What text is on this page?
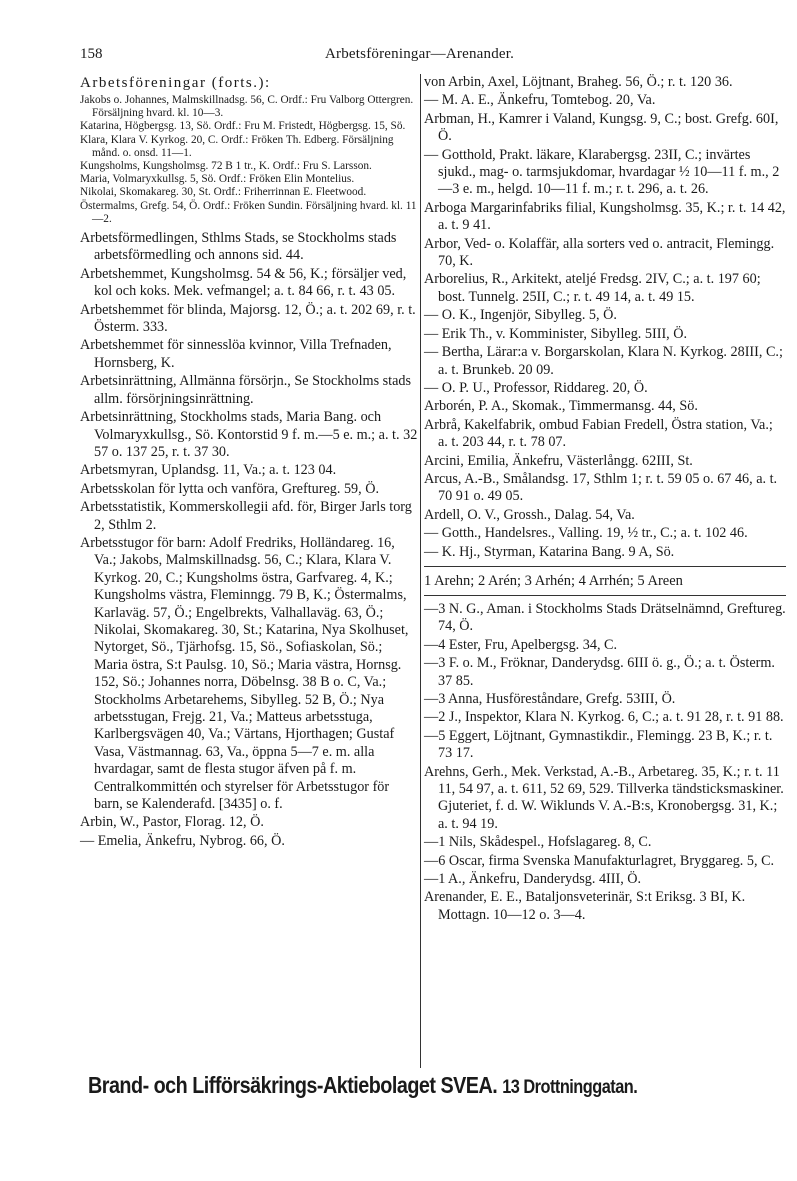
158	Arbetsföreningar—Arenander.
Arbetsföreningar (forts.):

Jakobs o. Johannes, Malmskillnadsg. 56, C. Ordf.: Fru Valborg Ottergren. Försäljning hvard. kl. 10—3.

Katarina, Högbergsg. 13, Sö. Ordf.: Fru M. Fristedt, Högbergsg. 15, Sö.

Klara, Klara V. Kyrkog. 20, C. Ordf.: Fröken Th. Edberg. Försäljning månd. o. onsd. 11—1.

Kungsholms, Kungsholmsg. 72 B 1 tr., K. Ordf.: Fru S. Larsson.

Maria, Volmaryxkullsg. 5, Sö. Ordf.: Fröken Elin Montelius.

Nikolai, Skomakareg. 30, St. Ordf.: Friherrinnan E. Fleetwood.

Östermalms, Grefg. 54, Ö. Ordf.: Fröken Sundin. Försäljning hvard. kl. 11—2.

Arbetsförmedlingen, Sthlms Stads, se Stockholms stads arbetsförmedling och annons sid. 44.

Arbetshemmet, Kungsholmsg. 54 & 56, K.; försäljer ved, kol och koks. Mek. vefmangel; a. t. 84 66, r. t. 43 05.

Arbetshemmet för blinda, Majorsg. 12, Ö.; a. t. 202 69, r. t. Österm. 333.

Arbetshemmet för sinnesslöa kvinnor, Villa Trefnaden, Hornsberg, K.

Arbetsinrättning, Allmänna försörjn., Se Stockholms stads allm. försörjningsinrättning.

Arbetsinrättning, Stockholms stads, Maria Bang. och Volmaryxkullsg., Sö. Kontorstid 9 f. m.—5 e. m.; a. t. 32 57 o. 137 25, r. t. 37 30.

Arbetsmyran, Uplandsg. 11, Va.; a. t. 123 04.

Arbetsskolan för lytta och vanföra, Greftureg. 59, Ö.

Arbetsstatistik, Kommerskollegii afd. för, Birger Jarls torg 2, Sthlm 2.

Arbetsstugor för barn: Adolf Fredriks, Holländareg. 16, Va.; Jakobs, Malmskillnadsg. 56, C.; Klara, Klara V. Kyrkog. 20, C.; Kungsholms östra, Garfvareg. 4, K.; Kungsholms västra, Fleminngg. 79 B, K.; Östermalms, Karlaväg. 57, Ö.; Engelbrekts, Valhallaväg. 63, Ö.; Nikolai, Skomakareg. 30, St.; Katarina, Nya Skolhuset, Nytorget, Sö., Tjärhofsg. 15, Sö., Sofiaskolan, Sö.; Maria östra, S:t Paulsg. 10, Sö.; Maria västra, Hornsg. 152, Sö.; Johannes norra, Döbelnsg. 38 B o. C, Va.; Stockholms Arbetarehems, Sibylleg. 52 B, Ö.; Nya arbetsstugan, Frejg. 21, Va.; Matteus arbetsstuga, Karlbergsvägen 40, Va.; Värtans, Hjorthagen; Gustaf Vasa, Västmannag. 63, Va., öppna 5—7 e. m. alla hvardagar, samt de flesta stugor äfven på f. m. Centralkommittén och styrelser för Arbetsstugor för barn, se Kalenderafd. [3435] o. f.

Arbin, W., Pastor, Florag. 12, Ö.

— Emelia, Änkefru, Nybrog. 66, Ö.

von Arbin, Axel, Löjtnant, Braheg. 56, Ö.; r. t. 120 36.

— M. A. E., Änkefru, Tomtebog. 20, Va.

Arbman, H., Kamrer i Valand, Kungsg. 9, C.; bost. Grefg. 60I, Ö.

— Gotthold, Prakt. läkare, Klarabergsg. 23II, C.; invärtes sjukd., mag- o. tarmsjukdomar, hvardagar ½ 10—11 f. m., 2—3 e. m., helgd. 10—11 f. m.; r. t. 296, a. t. 26.

Arboga Margarinfabriks filial, Kungsholmsg. 35, K.; r. t. 14 42, a. t. 9 41.

Arbor, Ved- o. Kolaffär, alla sorters ved o. antracit, Flemingg. 70, K.

Arborelius, R., Arkitekt, ateljé Fredsg. 2IV, C.; a. t. 197 60; bost. Tunnelg. 25II, C.; r. t. 49 14, a. t. 49 15.

— O. K., Ingenjör, Sibylleg. 5, Ö.

— Erik Th., v. Komminister, Sibylleg. 5III, Ö.

— Bertha, Lärar:a v. Borgarskolan, Klara N. Kyrkog. 28III, C.; a. t. Brunkeb. 20 09.

— O. P. U., Professor, Riddareg. 20, Ö.

Arborén, P. A., Skomak., Timmermansg. 44, Sö.

Arbrå, Kakelfabrik, ombud Fabian Fredell, Östra station, Va.; a. t. 203 44, r. t. 78 07.

Arcini, Emilia, Änkefru, Västerlångg. 62III, St.

Arcus, A.-B., Smålandsg. 17, Sthlm 1; r. t. 59 05 o. 67 46, a. t. 70 91 o. 49 05.

Ardell, O. V., Grossh., Dalag. 54, Va.

— Gotth., Handelsres., Valling. 19, ½ tr., C.; a. t. 102 46.

— K. Hj., Styrman, Katarina Bang. 9 A, Sö.

1 Arehn; 2 Arén; 3 Arhén; 4 Arrhén; 5 Areen

—3 N. G., Aman. i Stockholms Stads Drätselnämnd, Greftureg. 74, Ö.

—4 Ester, Fru, Apelbergsg. 34, C.

—3 F. o. M., Fröknar, Danderydsg. 6III ö. g., Ö.; a. t. Österm. 37 85.

—3 Anna, Husföreståndare, Grefg. 53III, Ö.

—2 J., Inspektor, Klara N. Kyrkog. 6, C.; a. t. 91 28, r. t. 91 88.

—5 Eggert, Löjtnant, Gymnastikdir., Flemingg. 23 B, K.; r. t. 73 17.

Arehns, Gerh., Mek. Verkstad, A.-B., Arbetareg. 35, K.; r. t. 11 11, 54 97, a. t. 611, 52 69, 529. Tillverka tändsticksmaskiner. Gjuteriet, f. d. W. Wiklunds V. A.-B:s, Kronobergsg. 31, K.; a. t. 94 19.

—1 Nils, Skådespel., Hofslagareg. 8, C.

—6 Oscar, firma Svenska Manufakturlagret, Bryggareg. 5, C.

—1 A., Änkefru, Danderydsg. 4III, Ö.

Arenander, E. E., Bataljonsveterinär, S:t Eriksg. 3 BI, K. Mottagn. 10—12 o. 3—4.

Brand- och Lifförsäkrings-Aktiebolaget SVEA. 13 Drottninggatan.
